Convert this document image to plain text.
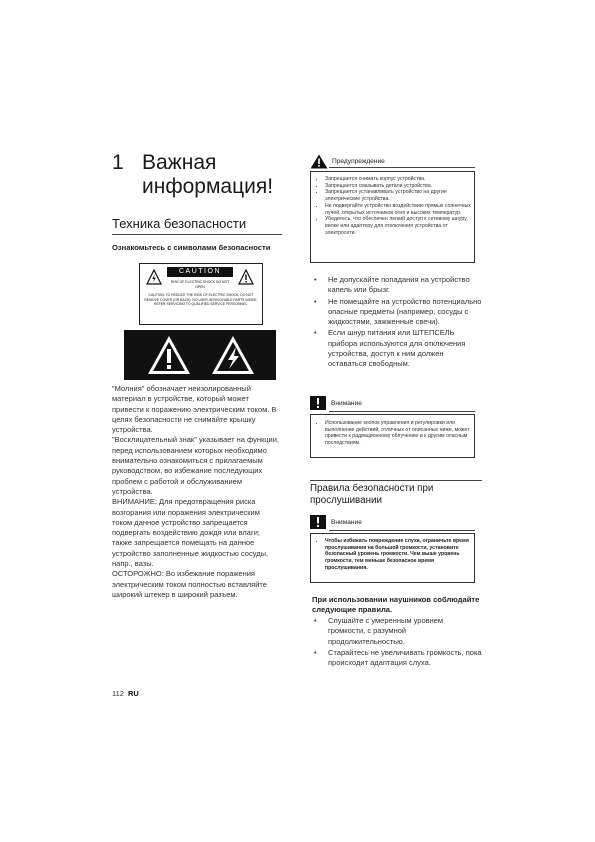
1 Важная информация!
Техника безопасности
Ознакомьтесь с символами безопасности
CAUTION
RISK OF ELECTRIC SHOCK DO NOT OPEN
CAUTION: TO REDUCE THE RISK OF ELECTRIC SHOCK, DO NOT REMOVE COVER (OR BACK). NO USER-SERVICEABLE PARTS INSIDE. REFER SERVICING TO QUALIFIED SERVICE PERSONNEL.

"Молния" обозначает неизолированный материал в устройстве, который может привести к поражению электрическим током. В целях безопасности не снимайте крышку устройства.

"Восклицательный знак" указывает на функции, перед использованием которых необходимо внимательно ознакомиться с прилагаемым руководством, во избежание последующих проблем с работой и обслуживанием устройства.

ВНИМАНИЕ: Для предотвращения риска возгорания или поражения электрическим током данное устройство запрещается подвергать воздействию дождя или влаги; также запрещается помещать на данное устройство заполненные жидкостью сосуды, напр., вазы.

ОСТОРОЖНО: Во избежание поражения электрическим током полностью вставляйте широкий штекер в широкий разъем.

Предупреждение
• Запрещается снимать корпус устройства.
• Запрещается смазывать детали устройства.
• Запрещается устанавливать устройство на другие электрические устройства.
• Не подвергайте устройство воздействию прямых солнечных лучей, открытых источников огня и высоких температур.
• Убедитесь, что обеспечен легкий доступ к сетевому шнуру, вилке или адаптеру для отключения устройства от электросети.
• Не допускайте попадания на устройство капель или брызг.
• Не помещайте на устройство потенциально опасные предметы (например, сосуды с жидкостями, зажженные свечи).
• Если шнур питания или ШТЕПСЕЛЬ прибора используются для отключения устройства, доступ к ним должен оставаться свободным.
Внимание
• Использование кнопок управления и регулировки или выполнение действий, отличных от описанных ниже, может привести к радиационному облучению и к другим опасным последствиям.
Правила безопасности при прослушивании
Внимание
• Чтобы избежать повреждение слуха, ограничьте время прослушивания на большой громкости, установите безопасный уровень громкости. Чем выше уровень громкости, тем меньше безопасное время прослушивания.
При использовании наушников соблюдайте следующие правила.
• Слушайте с умеренным уровнем громкости, с разумной продолжительностью.
• Старайтесь не увеличивать громкость, пока происходит адаптация слуха.
112 RU
